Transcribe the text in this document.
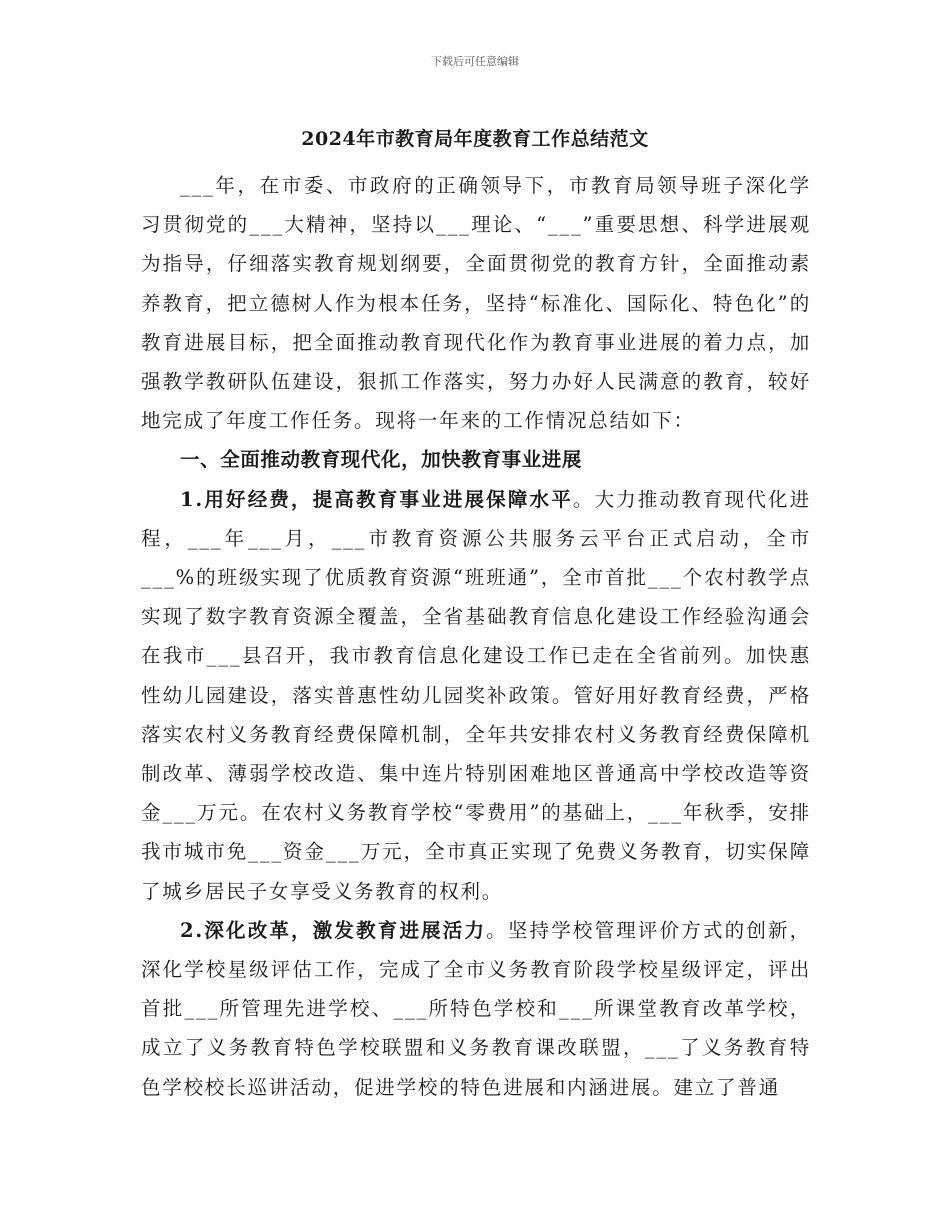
下载后可任意编辑
2024年市教育局年度教育工作总结范文

___年，在市委、市政府的正确领导下，市教育局领导班子深化学习贯彻党的___大精神，坚持以___理论、“___”重要思想、科学进展观为指导，仔细落实教育规划纲要，全面贯彻党的教育方针，全面推动素养教育，把立德树人作为根本任务，坚持“标准化、国际化、特色化”的教育进展目标，把全面推动教育现代化作为教育事业进展的着力点，加强教学教研队伍建设，狠抓工作落实，努力办好人民满意的教育，较好地完成了年度工作任务。现将一年来的工作情况总结如下：

一、全面推动教育现代化，加快教育事业进展

1.用好经费，提高教育事业进展保障水平。大力推动教育现代化进程，___年___月，___市教育资源公共服务云平台正式启动，全市___%的班级实现了优质教育资源“班班通”，全市首批___个农村教学点实现了数字教育资源全覆盖，全省基础教育信息化建设工作经验沟通会在我市___县召开，我市教育信息化建设工作已走在全省前列。加快惠性幼儿园建设，落实普惠性幼儿园奖补政策。管好用好教育经费，严格落实农村义务教育经费保障机制，全年共安排农村义务教育经费保障机制改革、薄弱学校改造、集中连片特别困难地区普通高中学校改造等资金___万元。在农村义务教育学校“零费用”的基础上，___年秋季，安排我市城市免___资金___万元，全市真正实现了免费义务教育，切实保障了城乡居民子女享受义务教育的权利。

2.深化改革，激发教育进展活力。坚持学校管理评价方式的创新，深化学校星级评估工作，完成了全市义务教育阶段学校星级评定，评出首批___所管理先进学校、___所特色学校和___所课堂教育改革学校，成立了义务教育特色学校联盟和义务教育课改联盟，___了义务教育特色学校校长巡讲活动，促进学校的特色进展和内涵进展。建立了普通
